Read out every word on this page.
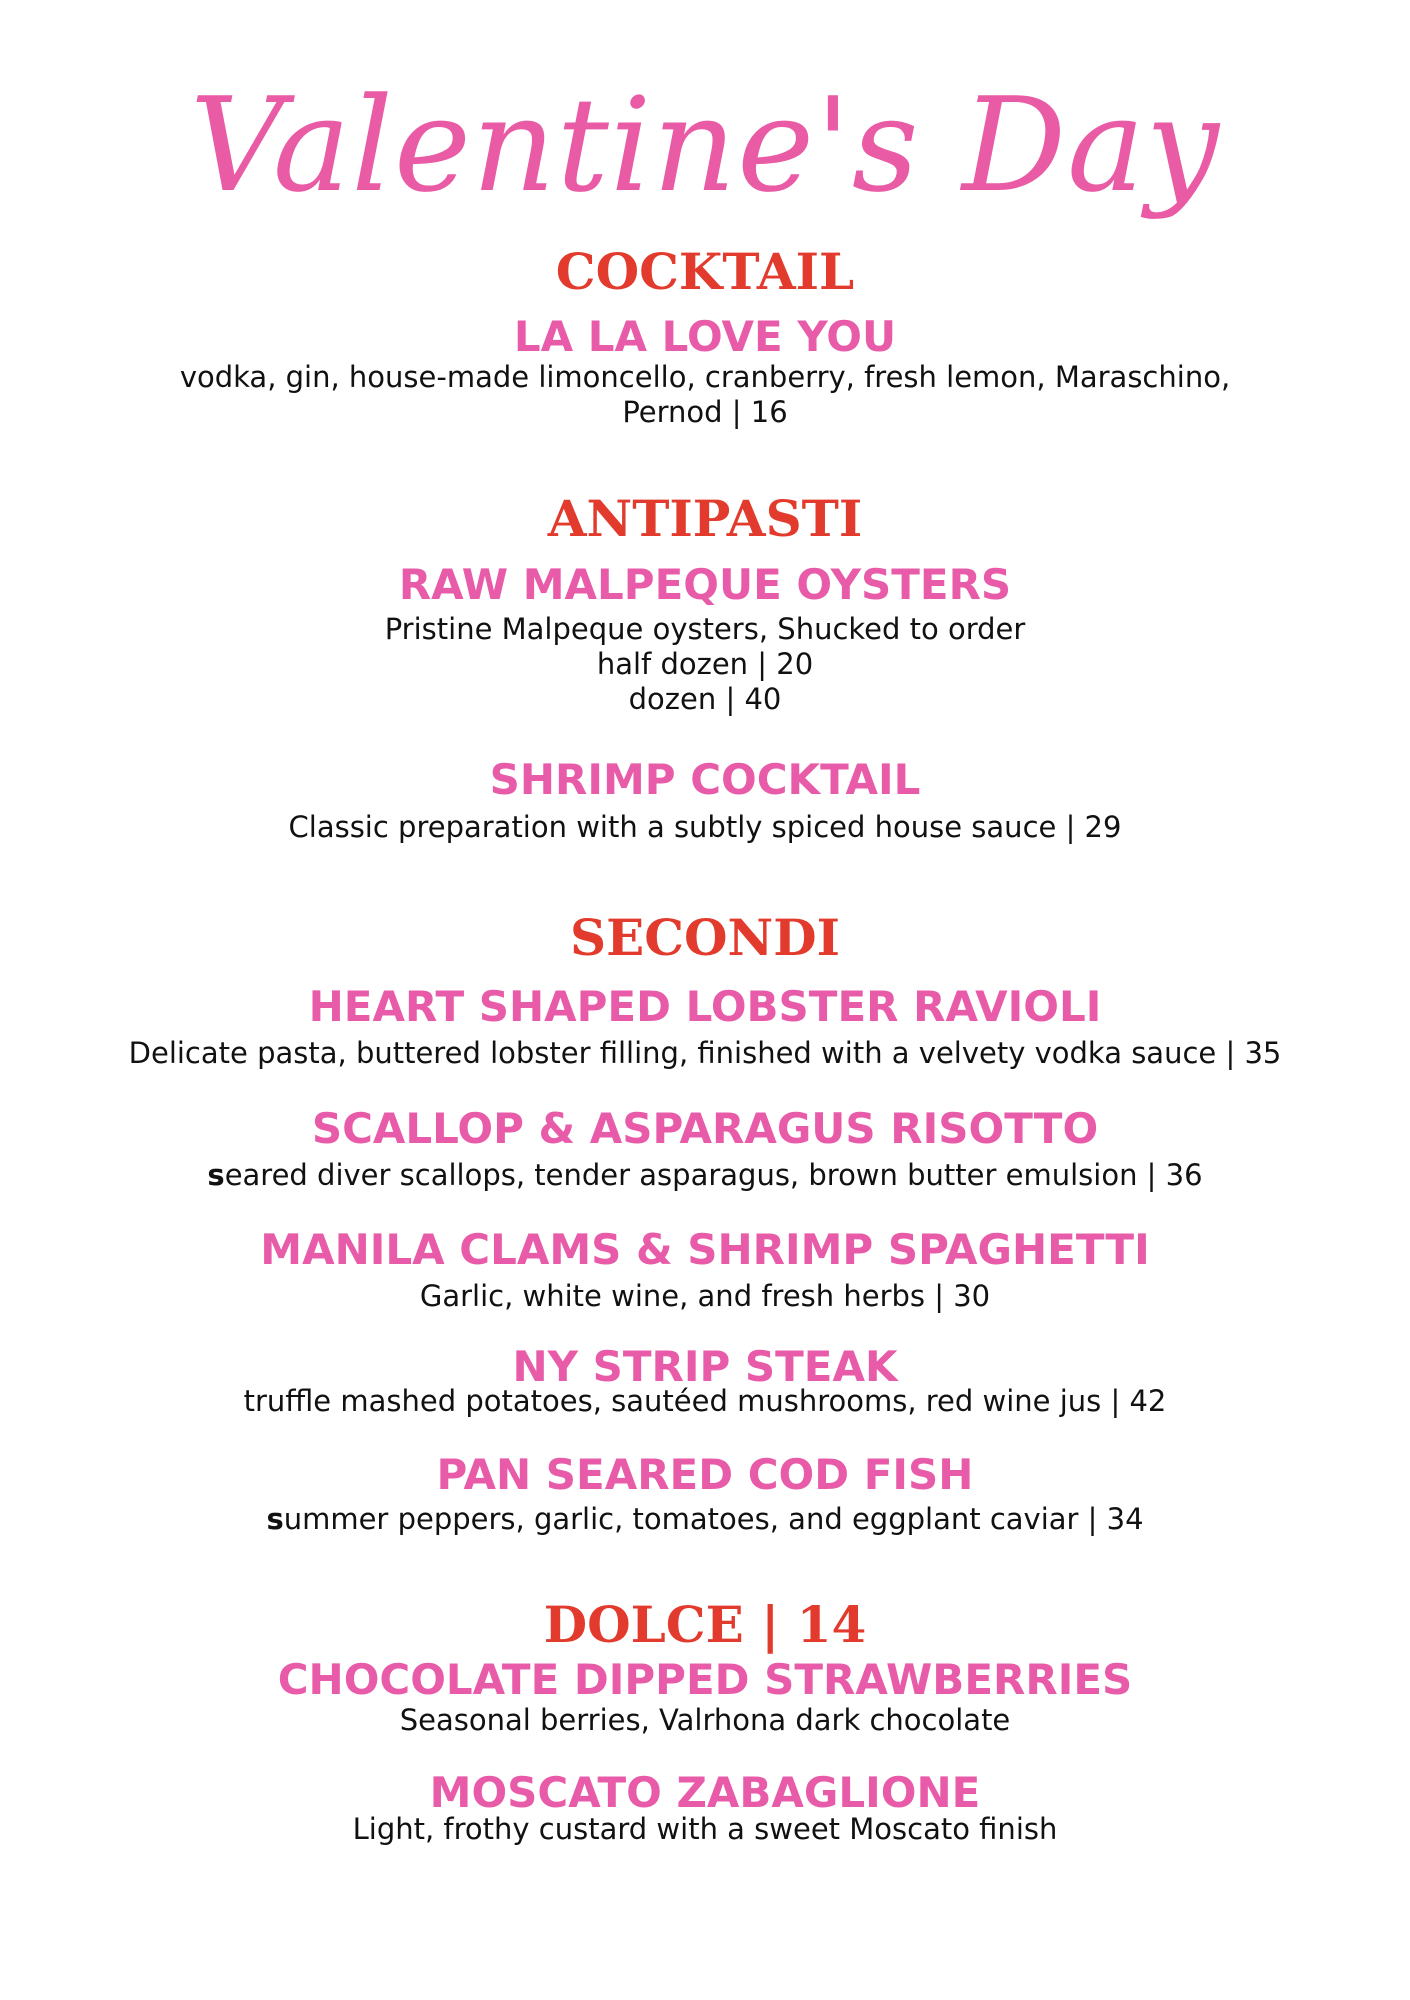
Valentine's Day
COCKTAIL
LA LA LOVE YOU
vodka, gin, house-made limoncello, cranberry, fresh lemon, Maraschino,
Pernod | 16
ANTIPASTI
RAW MALPEQUE OYSTERS
Pristine Malpeque oysters, Shucked to order
half dozen | 20
dozen | 40
SHRIMP COCKTAIL
Classic preparation with a subtly spiced house sauce | 29
SECONDI
HEART SHAPED LOBSTER RAVIOLI
Delicate pasta, buttered lobster filling, finished with a velvety vodka sauce | 35
SCALLOP & ASPARAGUS RISOTTO
seared diver scallops, tender asparagus, brown butter emulsion | 36
MANILA CLAMS & SHRIMP SPAGHETTI
Garlic, white wine, and fresh herbs | 30
NY STRIP STEAK
truffle mashed potatoes, sautéed mushrooms, red wine jus | 42
PAN SEARED COD FISH
summer peppers, garlic, tomatoes, and eggplant caviar | 34
DOLCE | 14
CHOCOLATE DIPPED STRAWBERRIES
Seasonal berries, Valrhona dark chocolate
MOSCATO ZABAGLIONE
Light, frothy custard with a sweet Moscato finish
